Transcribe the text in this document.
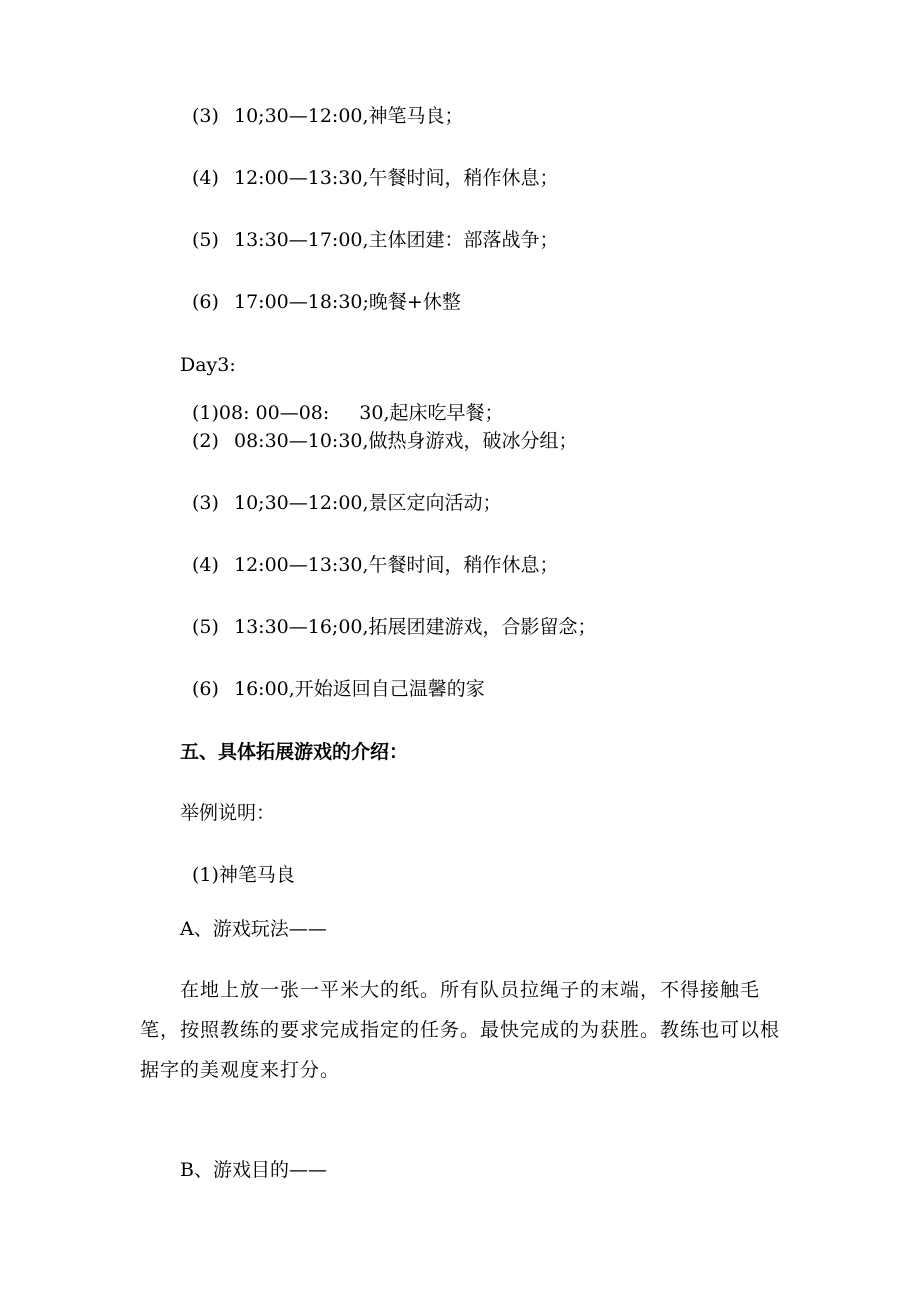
(3) 10;30—12:00,神笔马良；
(4) 12:00—13:30,午餐时间，稍作休息；
(5) 13:30—17:00,主体团建：部落战争；
(6) 17:00—18:30;晚餐+休整
Day3:
(1)08: 00—08: 30,起床吃早餐；
(2) 08:30—10:30,做热身游戏，破冰分组；
(3) 10;30—12:00,景区定向活动；
(4) 12:00—13:30,午餐时间，稍作休息；
(5) 13:30—16;00,拓展团建游戏，合影留念；
(6) 16:00,开始返回自己温馨的家
五、具体拓展游戏的介绍：
举例说明：
(1)神笔马良
A、游戏玩法——

在地上放一张一平米大的纸。所有队员拉绳子的末端，不得接触毛笔，按照教练的要求完成指定的任务。最快完成的为获胜。教练也可以根据字的美观度来打分。

B、游戏目的——
